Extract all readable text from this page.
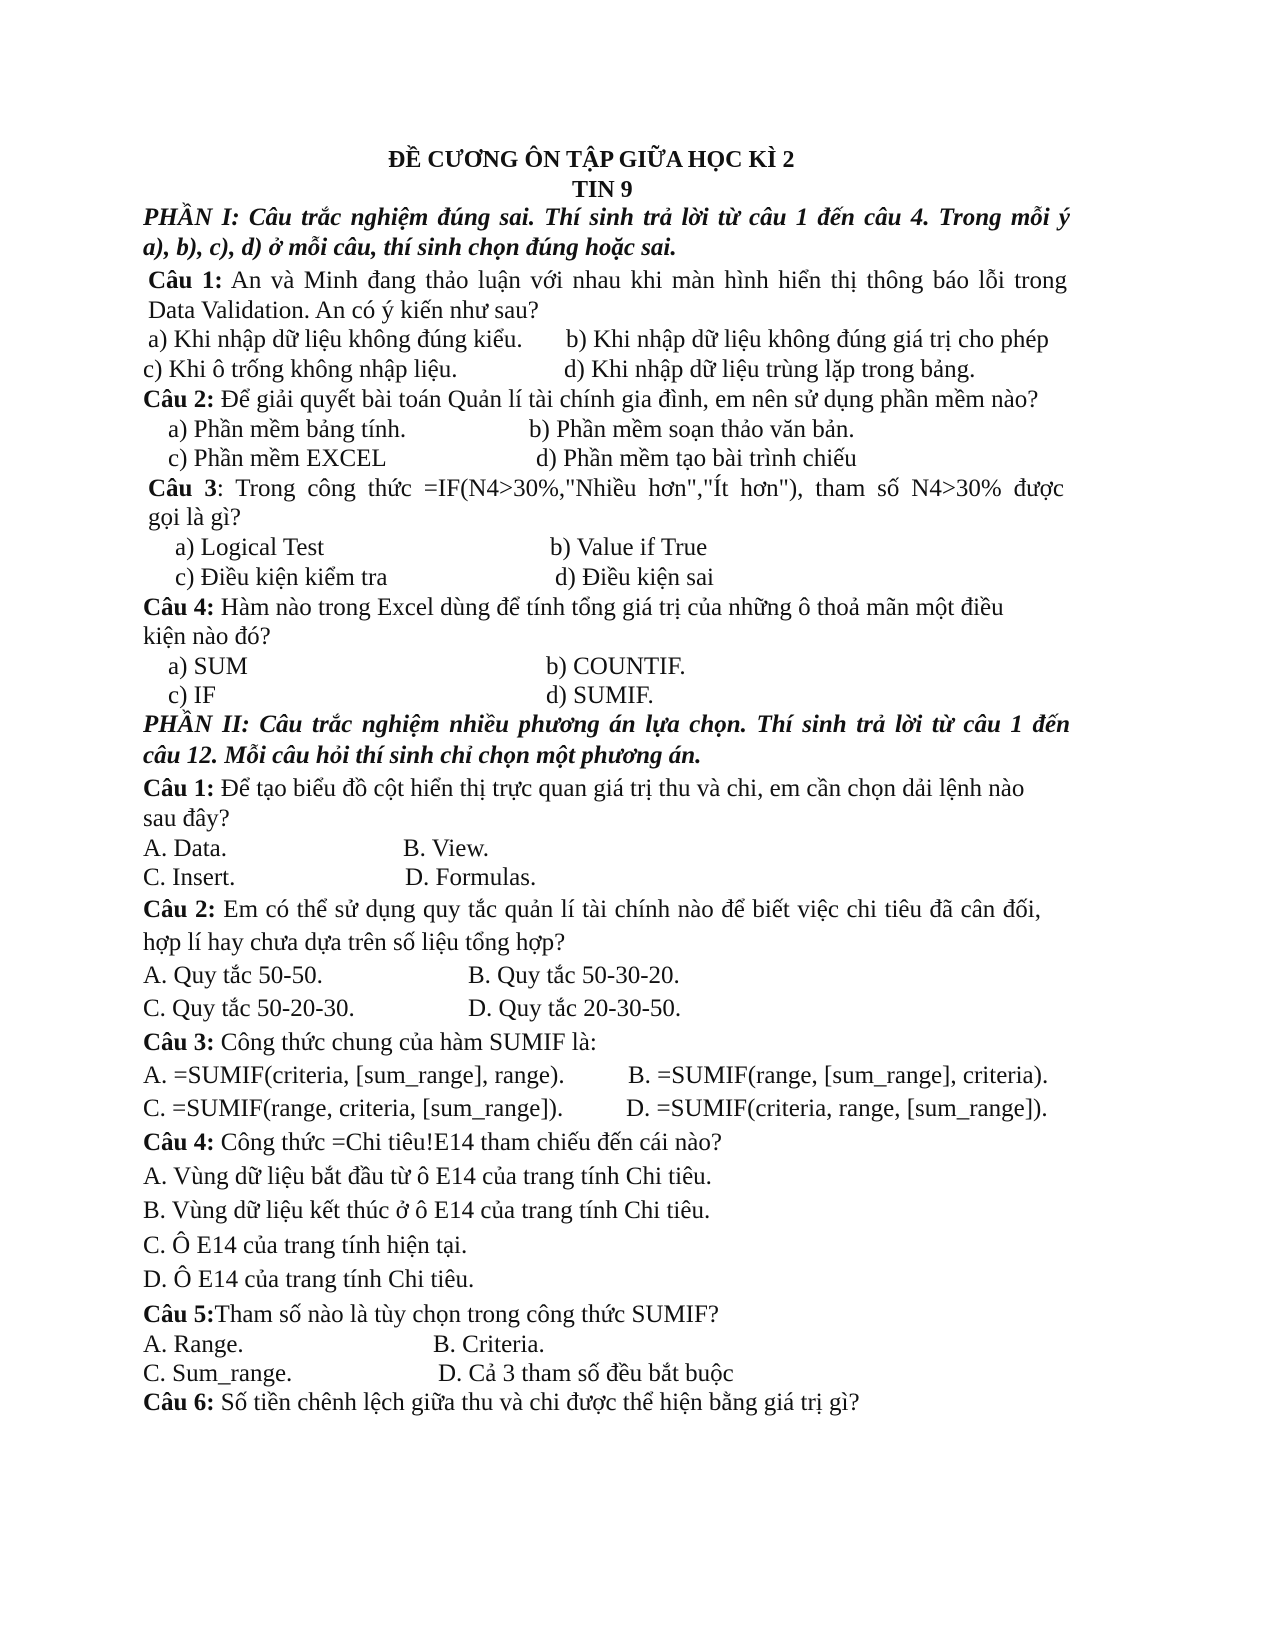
ĐỀ CƯƠNG ÔN TẬP GIỮA HỌC KÌ 2
TIN 9
PHẦN I: Câu trắc nghiệm đúng sai. Thí sinh trả lời từ câu 1 đến câu 4. Trong mỗi ý
a), b), c), d) ở mỗi câu, thí sinh chọn đúng hoặc sai.
Câu 1: An và Minh đang thảo luận với nhau khi màn hình hiển thị thông báo lỗi trong
Data Validation. An có ý kiến như sau?
a) Khi nhập dữ liệu không đúng kiểu. b) Khi nhập dữ liệu không đúng giá trị cho phép
c) Khi ô trống không nhập liệu.	d) Khi nhập dữ liệu trùng lặp trong bảng.
Câu 2: Để giải quyết bài toán Quản lí tài chính gia đình, em nên sử dụng phần mềm nào?
a) Phần mềm bảng tính.	b) Phần mềm soạn thảo văn bản.
c) Phần mềm EXCEL	d) Phần mềm tạo bài trình chiếu
Câu 3: Trong công thức =IF(N4>30%,"Nhiều hơn","Ít hơn"), tham số N4>30% được
gọi là gì?
a) Logical Test	b) Value if True
c) Điều kiện kiểm tra	d) Điều kiện sai
Câu 4: Hàm nào trong Excel dùng để tính tổng giá trị của những ô thoả mãn một điều
kiện nào đó?
a) SUM	b) COUNTIF.
c) IF	d) SUMIF.
PHẦN II: Câu trắc nghiệm nhiều phương án lựa chọn. Thí sinh trả lời từ câu 1 đến
câu 12. Mỗi câu hỏi thí sinh chỉ chọn một phương án.
Câu 1: Để tạo biểu đồ cột hiển thị trực quan giá trị thu và chi, em cần chọn dải lệnh nào
sau đây?
A. Data.	B. View.
C. Insert.	D. Formulas.
Câu 2: Em có thể sử dụng quy tắc quản lí tài chính nào để biết việc chi tiêu đã cân đối,
hợp lí hay chưa dựa trên số liệu tổng hợp?
A. Quy tắc 50-50.	B. Quy tắc 50-30-20.
C. Quy tắc 50-20-30.	D. Quy tắc 20-30-50.
Câu 3: Công thức chung của hàm SUMIF là:
A. =SUMIF(criteria, [sum_range], range).	B. =SUMIF(range, [sum_range], criteria).
C. =SUMIF(range, criteria, [sum_range]).	D. =SUMIF(criteria, range, [sum_range]).
Câu 4: Công thức =Chi tiêu!E14 tham chiếu đến cái nào?
A. Vùng dữ liệu bắt đầu từ ô E14 của trang tính Chi tiêu.
B. Vùng dữ liệu kết thúc ở ô E14 của trang tính Chi tiêu.
C. Ô E14 của trang tính hiện tại.
D. Ô E14 của trang tính Chi tiêu.
Câu 5:Tham số nào là tùy chọn trong công thức SUMIF?
A. Range.	B. Criteria.
C. Sum_range.	D. Cả 3 tham số đều bắt buộc
Câu 6: Số tiền chênh lệch giữa thu và chi được thể hiện bằng giá trị gì?
